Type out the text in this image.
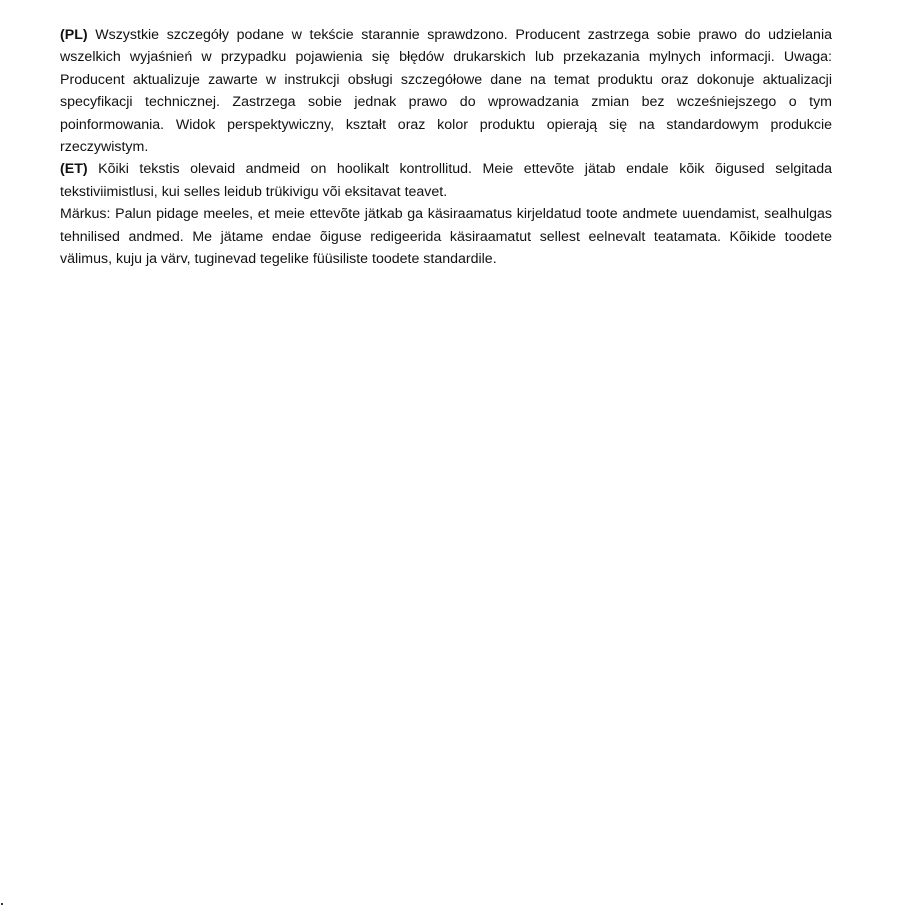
(PL) Wszystkie szczegóły podane w tekście starannie sprawdzono. Producent zastrzega sobie prawo do udzielania wszelkich wyjaśnień w przypadku pojawienia się błędów drukarskich lub przekazania mylnych informacji. Uwaga: Producent aktualizuje zawarte w instrukcji obsługi szczegółowe dane na temat produktu oraz dokonuje aktualizacji specyfikacji technicznej. Zastrzega sobie jednak prawo do wprowadzania zmian bez wcześniejszego o tym poinformowania. Widok perspektywiczny, kształt oraz kolor produktu opierają się na standardowym produkcie rzeczywistym.

(ET) Kõiki tekstis olevaid andmeid on hoolikalt kontrollitud. Meie ettevõte jätab endale kõik õigused selgitada tekstiviimistlusi, kui selles leidub trükivigu või eksitavat teavet.

Märkus: Palun pidage meeles, et meie ettevõte jätkab ga käsiraamatus kirjeldatud toote andmete uuendamist, sealhulgas tehnilised andmed. Me jätame endae õiguse redigeerida käsiraamatut sellest eelnevalt teatamata. Kõikide toodete välimus, kuju ja värv, tuginevad tegelike füüsiliste toodete standardile.
